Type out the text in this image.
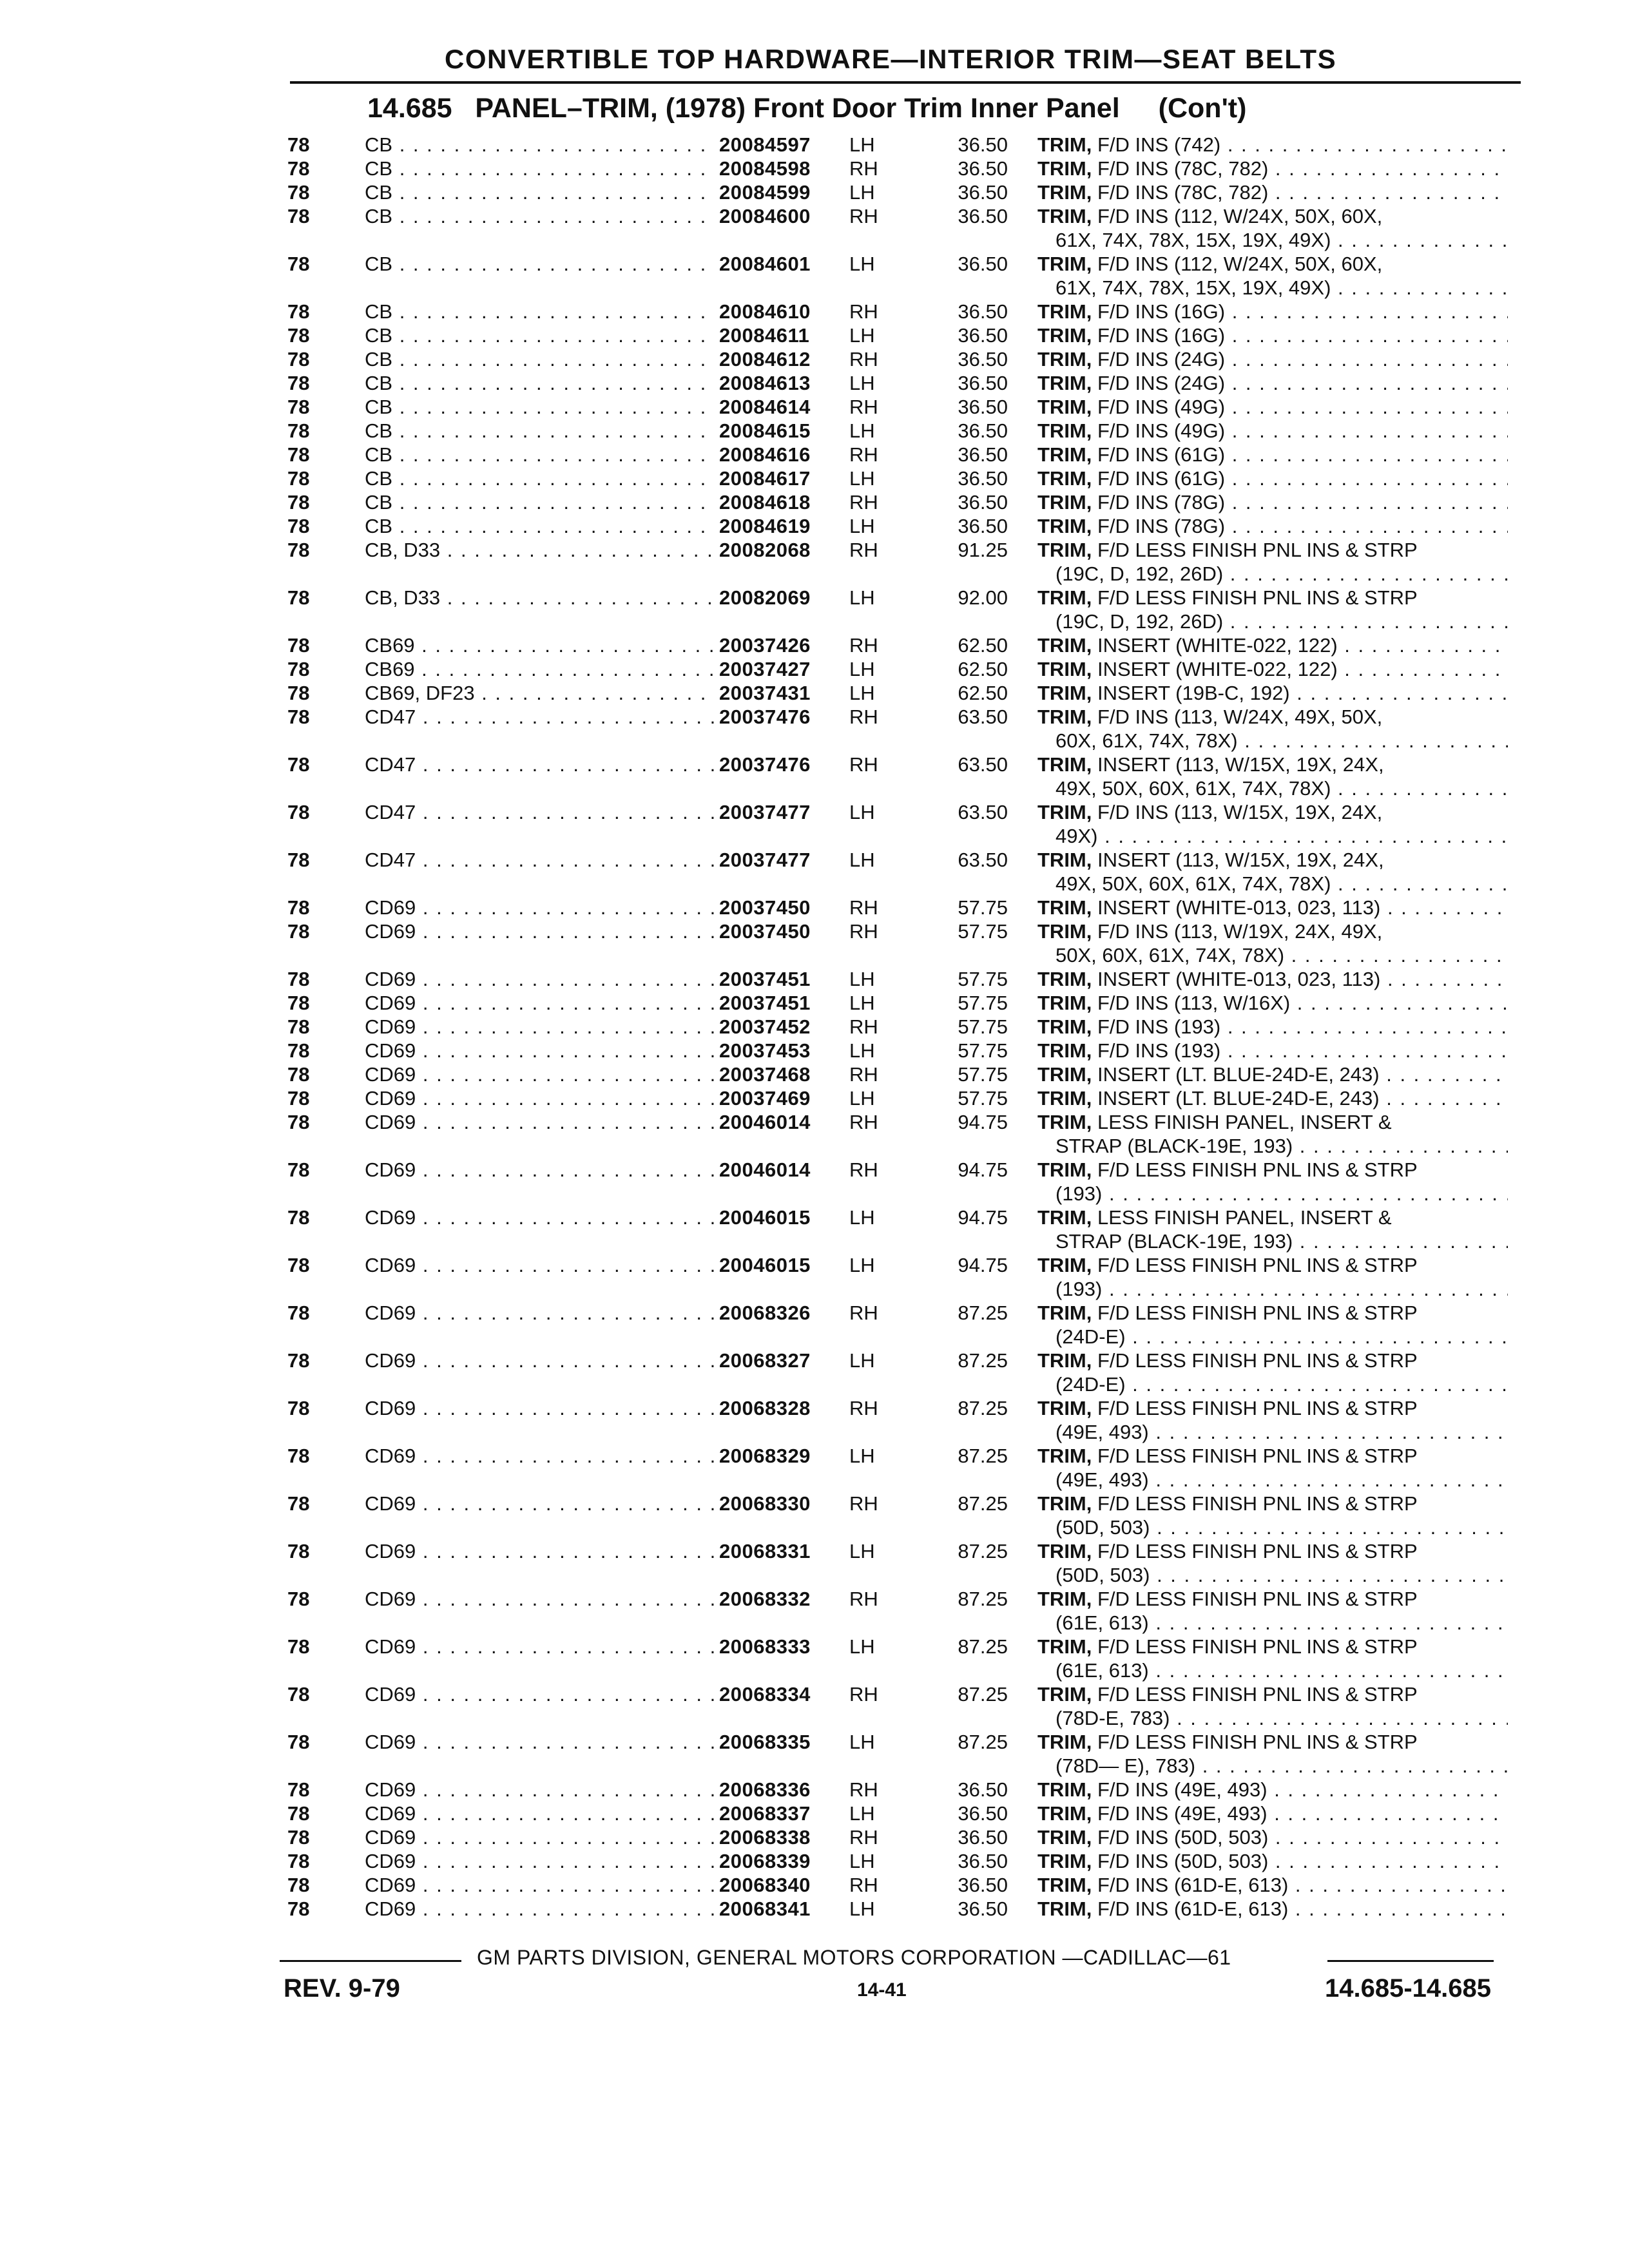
CONVERTIBLE TOP HARDWARE—INTERIOR TRIM—SEAT BELTS
14.685 PANEL–TRIM, (1978) Front Door Trim Inner Panel (Con't)
78	CB . . .	20084597 LH	36.50 TRIM, F/D INS (742) . . .
78	CB . . .	20084598 RH	36.50 TRIM, F/D INS (78C, 782) . . .
78	CB . . .	20084599 LH	36.50 TRIM, F/D INS (78C, 782) . . .
78	CB . . .	20084600 RH	36.50 TRIM, F/D INS (112, W/24X, 50X, 60X,
61X, 74X, 78X, 15X, 19X, 49X) . . .
78	CB . . .	20084601 LH	36.50 TRIM, F/D INS (112, W/24X, 50X, 60X,
61X, 74X, 78X, 15X, 19X, 49X) . . .
78	CB . . .	20084610 RH	36.50 TRIM, F/D INS (16G) . . .
78	CB . . .	20084611 LH	36.50 TRIM, F/D INS (16G) . . .
78	CB . . .	20084612 RH	36.50 TRIM, F/D INS (24G) . . .
78	CB . . .	20084613 LH	36.50 TRIM, F/D INS (24G) . . .
78	CB . . .	20084614 RH	36.50 TRIM, F/D INS (49G) . . .
78	CB . . .	20084615 LH	36.50 TRIM, F/D INS (49G) . . .
78	CB . . .	20084616 RH	36.50 TRIM, F/D INS (61G) . . .
78	CB . . .	20084617 LH	36.50 TRIM, F/D INS (61G) . . .
78	CB . . .	20084618 RH	36.50 TRIM, F/D INS (78G) . . .
78	CB . . .	20084619 LH	36.50 TRIM, F/D INS (78G) . . .
78	CB, D33 . . .	20082068 RH	91.25 TRIM, F/D LESS FINISH PNL INS & STRP
(19C, D, 192, 26D) . . .
78	CB, D33 . . .	20082069 LH	92.00 TRIM, F/D LESS FINISH PNL INS & STRP
(19C, D, 192, 26D) . . .
78	CB69 . . .	20037426 RH	62.50 TRIM, INSERT (WHITE-022, 122) . . .
78	CB69 . . .	20037427 LH	62.50 TRIM, INSERT (WHITE-022, 122) . . .
78	CB69, DF23 . . .	20037431 LH	62.50 TRIM, INSERT (19B-C, 192) . . .
78	CD47 . . .	20037476 RH	63.50 TRIM, F/D INS (113, W/24X, 49X, 50X,
60X, 61X, 74X, 78X) . . .
78	CD47 . . .	20037476 RH	63.50 TRIM, INSERT (113, W/15X, 19X, 24X,
49X, 50X, 60X, 61X, 74X, 78X) . . .
78	CD47 . . .	20037477 LH	63.50 TRIM, F/D INS (113, W/15X, 19X, 24X,
49X) . . .
78	CD47 . . .	20037477 LH	63.50 TRIM, INSERT (113, W/15X, 19X, 24X,
49X, 50X, 60X, 61X, 74X, 78X) . . .
78	CD69 . . .	20037450 RH	57.75 TRIM, INSERT (WHITE-013, 023, 113) . . .
78	CD69 . . .	20037450 RH	57.75 TRIM, F/D INS (113, W/19X, 24X, 49X,
50X, 60X, 61X, 74X, 78X) . . .
78	CD69 . . .	20037451 LH	57.75 TRIM, INSERT (WHITE-013, 023, 113) . . .
78	CD69 . . .	20037451 LH	57.75 TRIM, F/D INS (113, W/16X) . . .
78	CD69 . . .	20037452 RH	57.75 TRIM, F/D INS (193) . . .
78	CD69 . . .	20037453 LH	57.75 TRIM, F/D INS (193) . . .
78	CD69 . . .	20037468 RH	57.75 TRIM, INSERT (LT. BLUE-24D-E, 243) . . .
78	CD69 . . .	20037469 LH	57.75 TRIM, INSERT (LT. BLUE-24D-E, 243) . . .
78	CD69 . . .	20046014 RH	94.75 TRIM, LESS FINISH PANEL, INSERT &
STRAP (BLACK-19E, 193) . . .
78	CD69 . . .	20046014 RH	94.75 TRIM, F/D LESS FINISH PNL INS & STRP
(193) . . .
78	CD69 . . .	20046015 LH	94.75 TRIM, LESS FINISH PANEL, INSERT &
STRAP (BLACK-19E, 193) . . .
78	CD69 . . .	20046015 LH	94.75 TRIM, F/D LESS FINISH PNL INS & STRP
(193) . . .
78	CD69 . . .	20068326 RH	87.25 TRIM, F/D LESS FINISH PNL INS & STRP
(24D-E) . . .
78	CD69 . . .	20068327 LH	87.25 TRIM, F/D LESS FINISH PNL INS & STRP
(24D-E) . . .
78	CD69 . . .	20068328 RH	87.25 TRIM, F/D LESS FINISH PNL INS & STRP
(49E, 493) . . .
78	CD69 . . .	20068329 LH	87.25 TRIM, F/D LESS FINISH PNL INS & STRP
(49E, 493) . . .
78	CD69 . . .	20068330 RH	87.25 TRIM, F/D LESS FINISH PNL INS & STRP
(50D, 503) . . .
78	CD69 . . .	20068331 LH	87.25 TRIM, F/D LESS FINISH PNL INS & STRP
(50D, 503) . . .
78	CD69 . . .	20068332 RH	87.25 TRIM, F/D LESS FINISH PNL INS & STRP
(61E, 613) . . .
78	CD69 . . .	20068333 LH	87.25 TRIM, F/D LESS FINISH PNL INS & STRP
(61E, 613) . . .
78	CD69 . . .	20068334 RH	87.25 TRIM, F/D LESS FINISH PNL INS & STRP
(78D-E, 783) . . .
78	CD69 . . .	20068335 LH	87.25 TRIM, F/D LESS FINISH PNL INS & STRP
(78D— E), 783) . . .
78	CD69 . . .	20068336 RH	36.50 TRIM, F/D INS (49E, 493) . . .
78	CD69 . . .	20068337 LH	36.50 TRIM, F/D INS (49E, 493) . . .
78	CD69 . . .	20068338 RH	36.50 TRIM, F/D INS (50D, 503) . . .
78	CD69 . . .	20068339 LH	36.50 TRIM, F/D INS (50D, 503) . . .
78	CD69 . . .	20068340 RH	36.50 TRIM, F/D INS (61D-E, 613) . . .
78	CD69 . . .	20068341 LH	36.50 TRIM, F/D INS (61D-E, 613) . . .
GM PARTS DIVISION, GENERAL MOTORS CORPORATION —CADILLAC—61
REV. 9-79	14-41	14.685-14.685
